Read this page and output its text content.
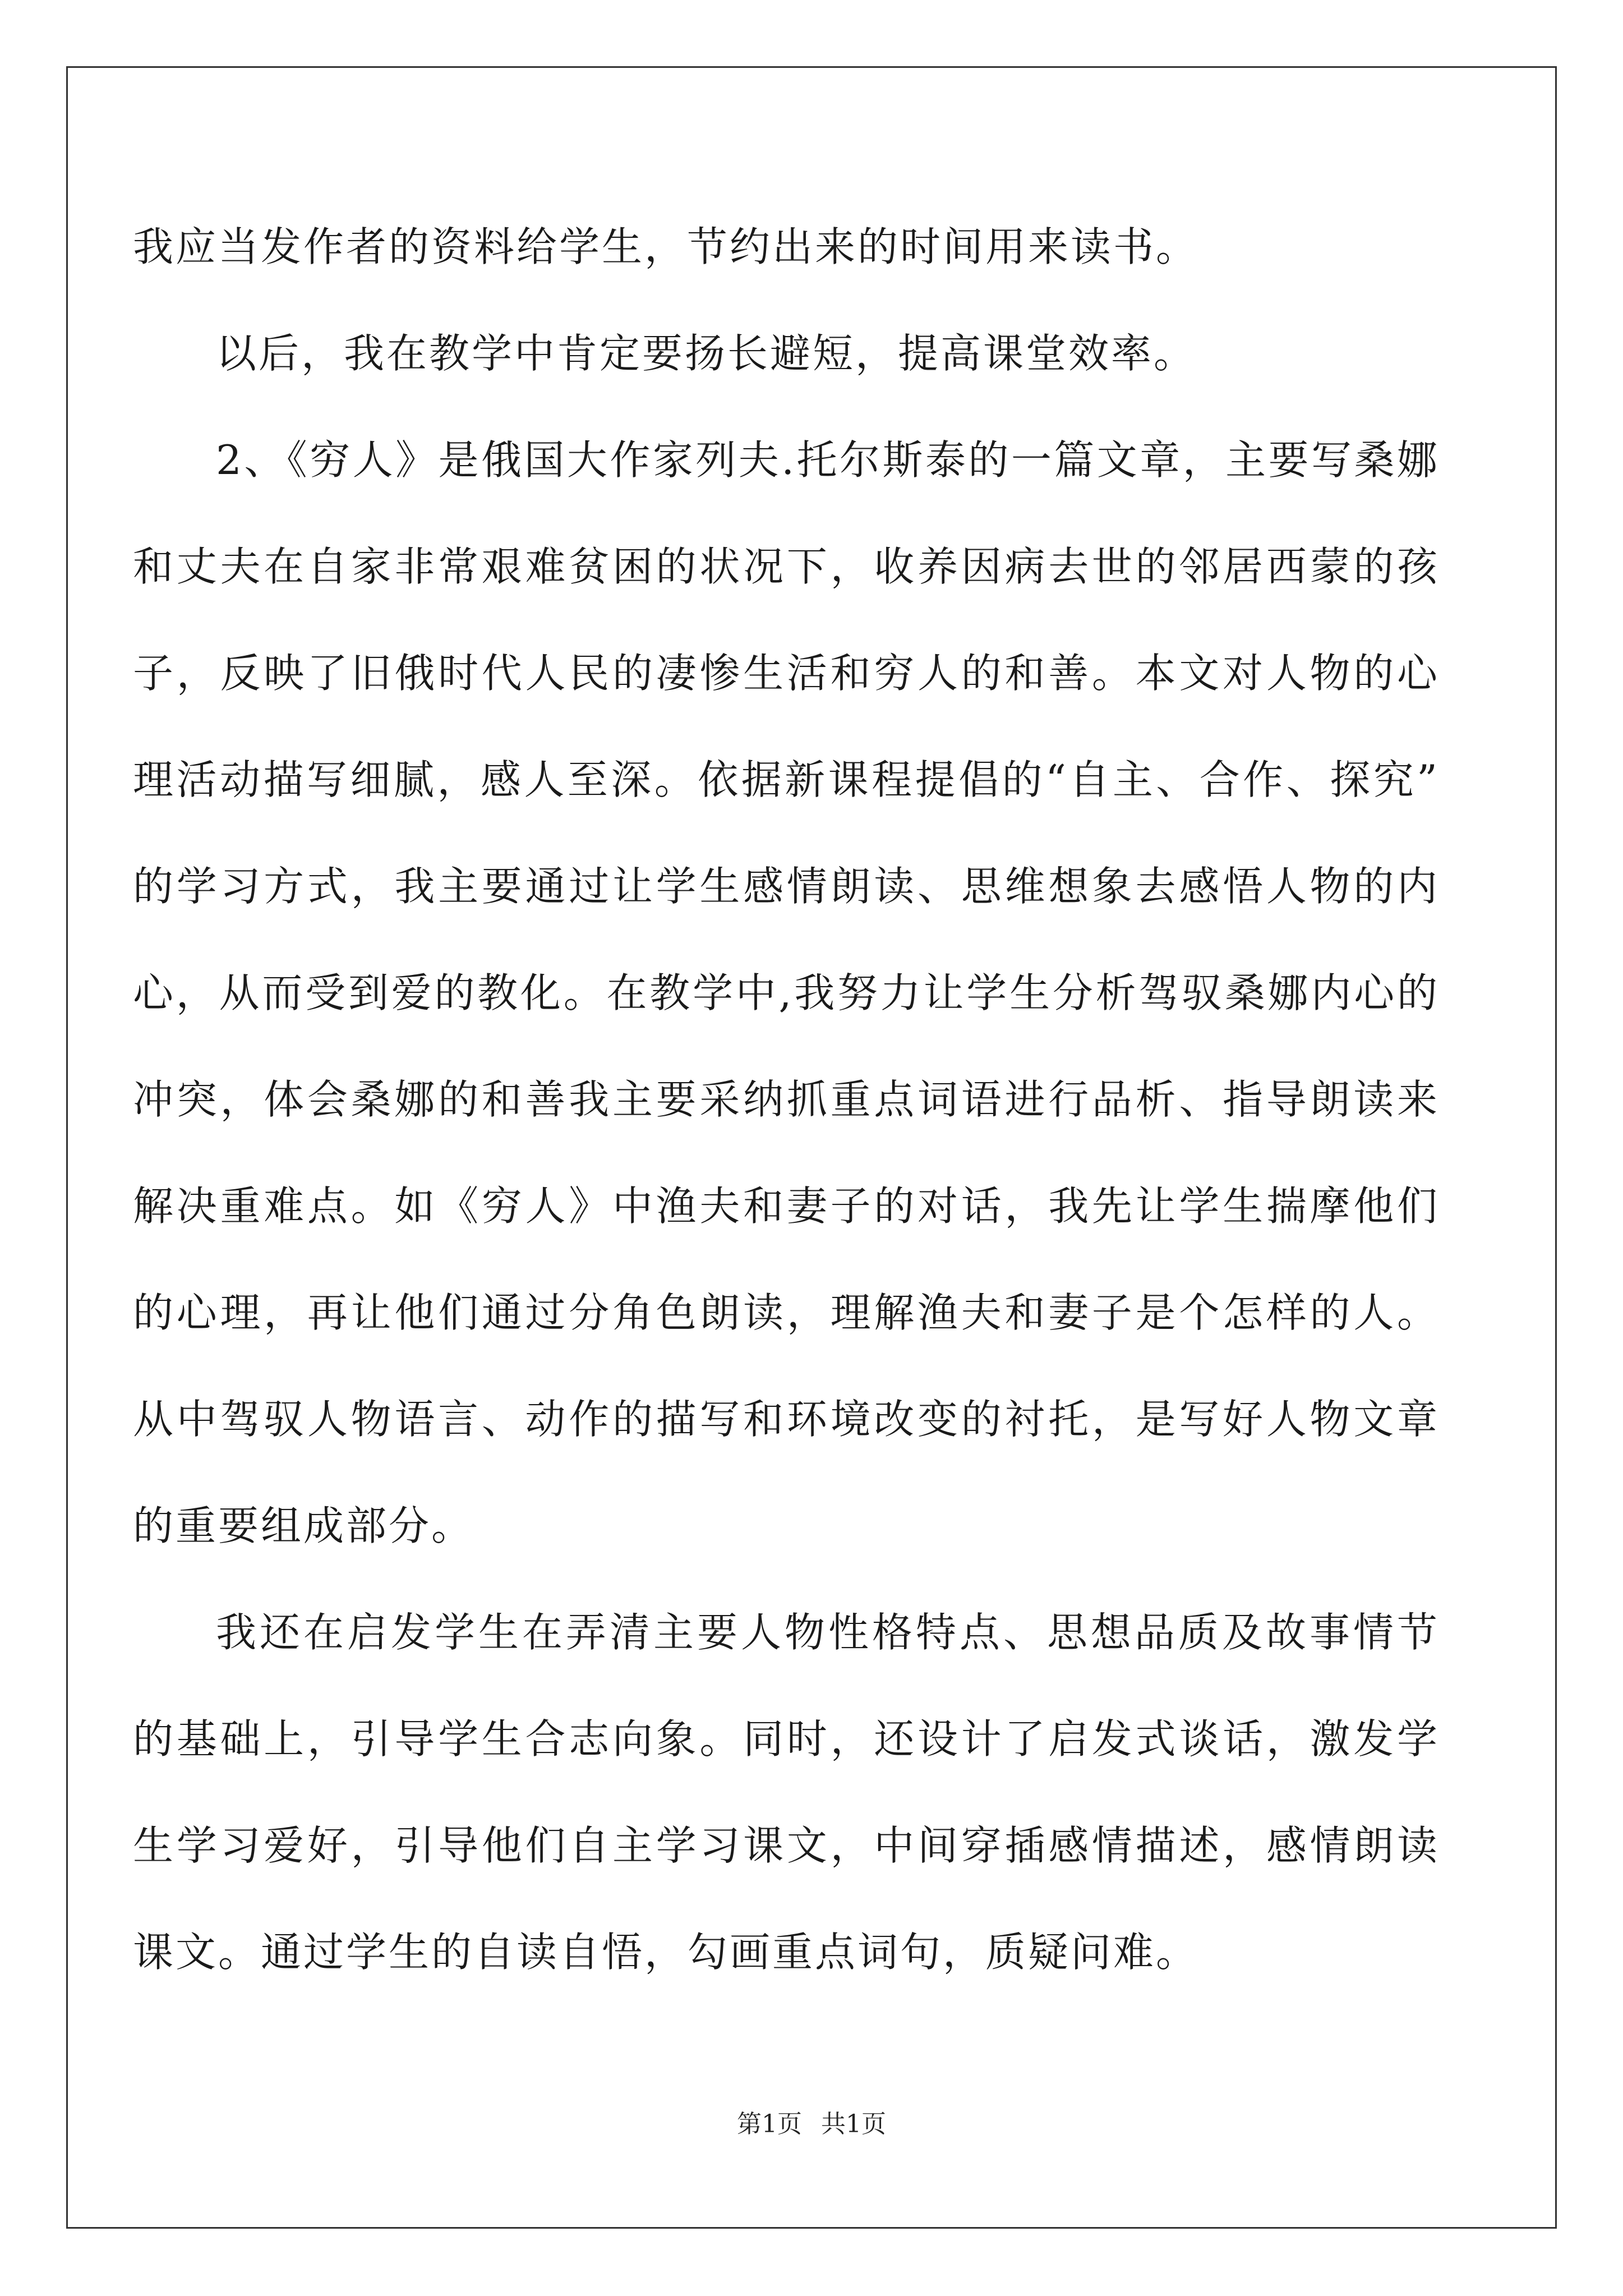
我应当发作者的资料给学生，节约出来的时间用来读书。
以后，我在教学中肯定要扬长避短，提高课堂效率。
2、《穷人》是俄国大作家列夫.托尔斯泰的一篇文章，主要写桑娜
和丈夫在自家非常艰难贫困的状况下，收养因病去世的邻居西蒙的孩
子，反映了旧俄时代人民的凄惨生活和穷人的和善。本文对人物的心
理活动描写细腻，感人至深。依据新课程提倡的“自主、合作、探究”
的学习方式，我主要通过让学生感情朗读、思维想象去感悟人物的内
心，从而受到爱的教化。在教学中,我努力让学生分析驾驭桑娜内心的
冲突，体会桑娜的和善我主要采纳抓重点词语进行品析、指导朗读来
解决重难点。如《穷人》中渔夫和妻子的对话，我先让学生揣摩他们
的心理，再让他们通过分角色朗读，理解渔夫和妻子是个怎样的人。
从中驾驭人物语言、动作的描写和环境改变的衬托，是写好人物文章
的重要组成部分。
我还在启发学生在弄清主要人物性格特点、思想品质及故事情节
的基础上，引导学生合志向象。同时，还设计了启发式谈话，激发学
生学习爱好，引导他们自主学习课文，中间穿插感情描述，感情朗读
课文。通过学生的自读自悟，勾画重点词句，质疑问难。
第1页 共1页
